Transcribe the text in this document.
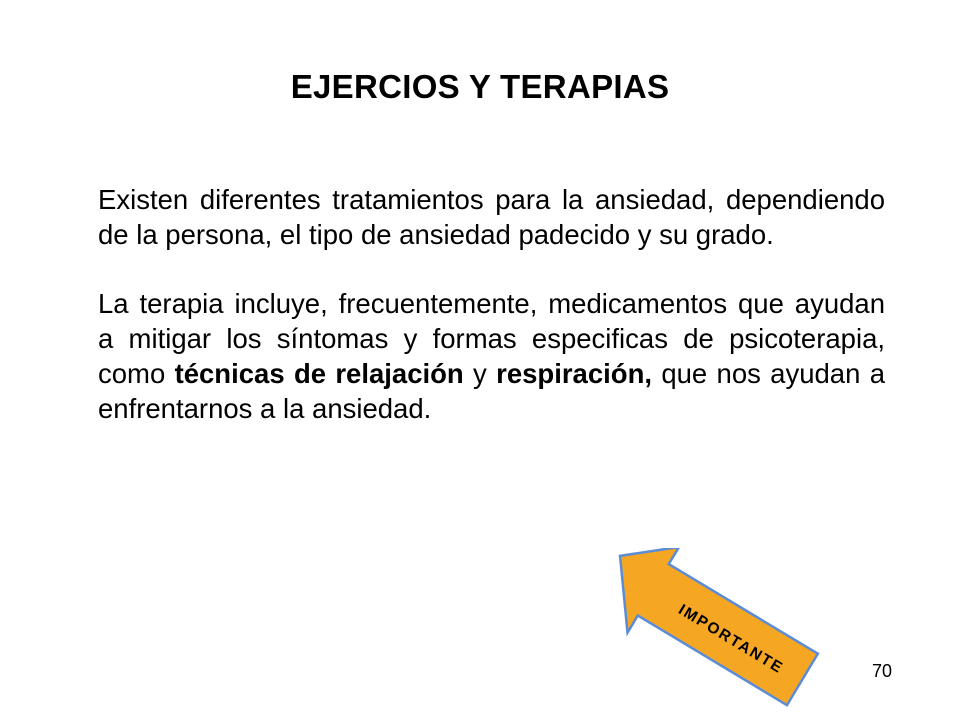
EJERCIOS Y TERAPIAS

Existen diferentes tratamientos para la ansiedad, dependiendo de la persona, el tipo de ansiedad padecido y su grado.

La terapia incluye, frecuentemente, medicamentos que ayudan a mitigar los síntomas y formas especificas de psicoterapia, como técnicas de relajación y respiración, que nos ayudan a enfrentarnos a la ansiedad.

IMPORTANTE	70
